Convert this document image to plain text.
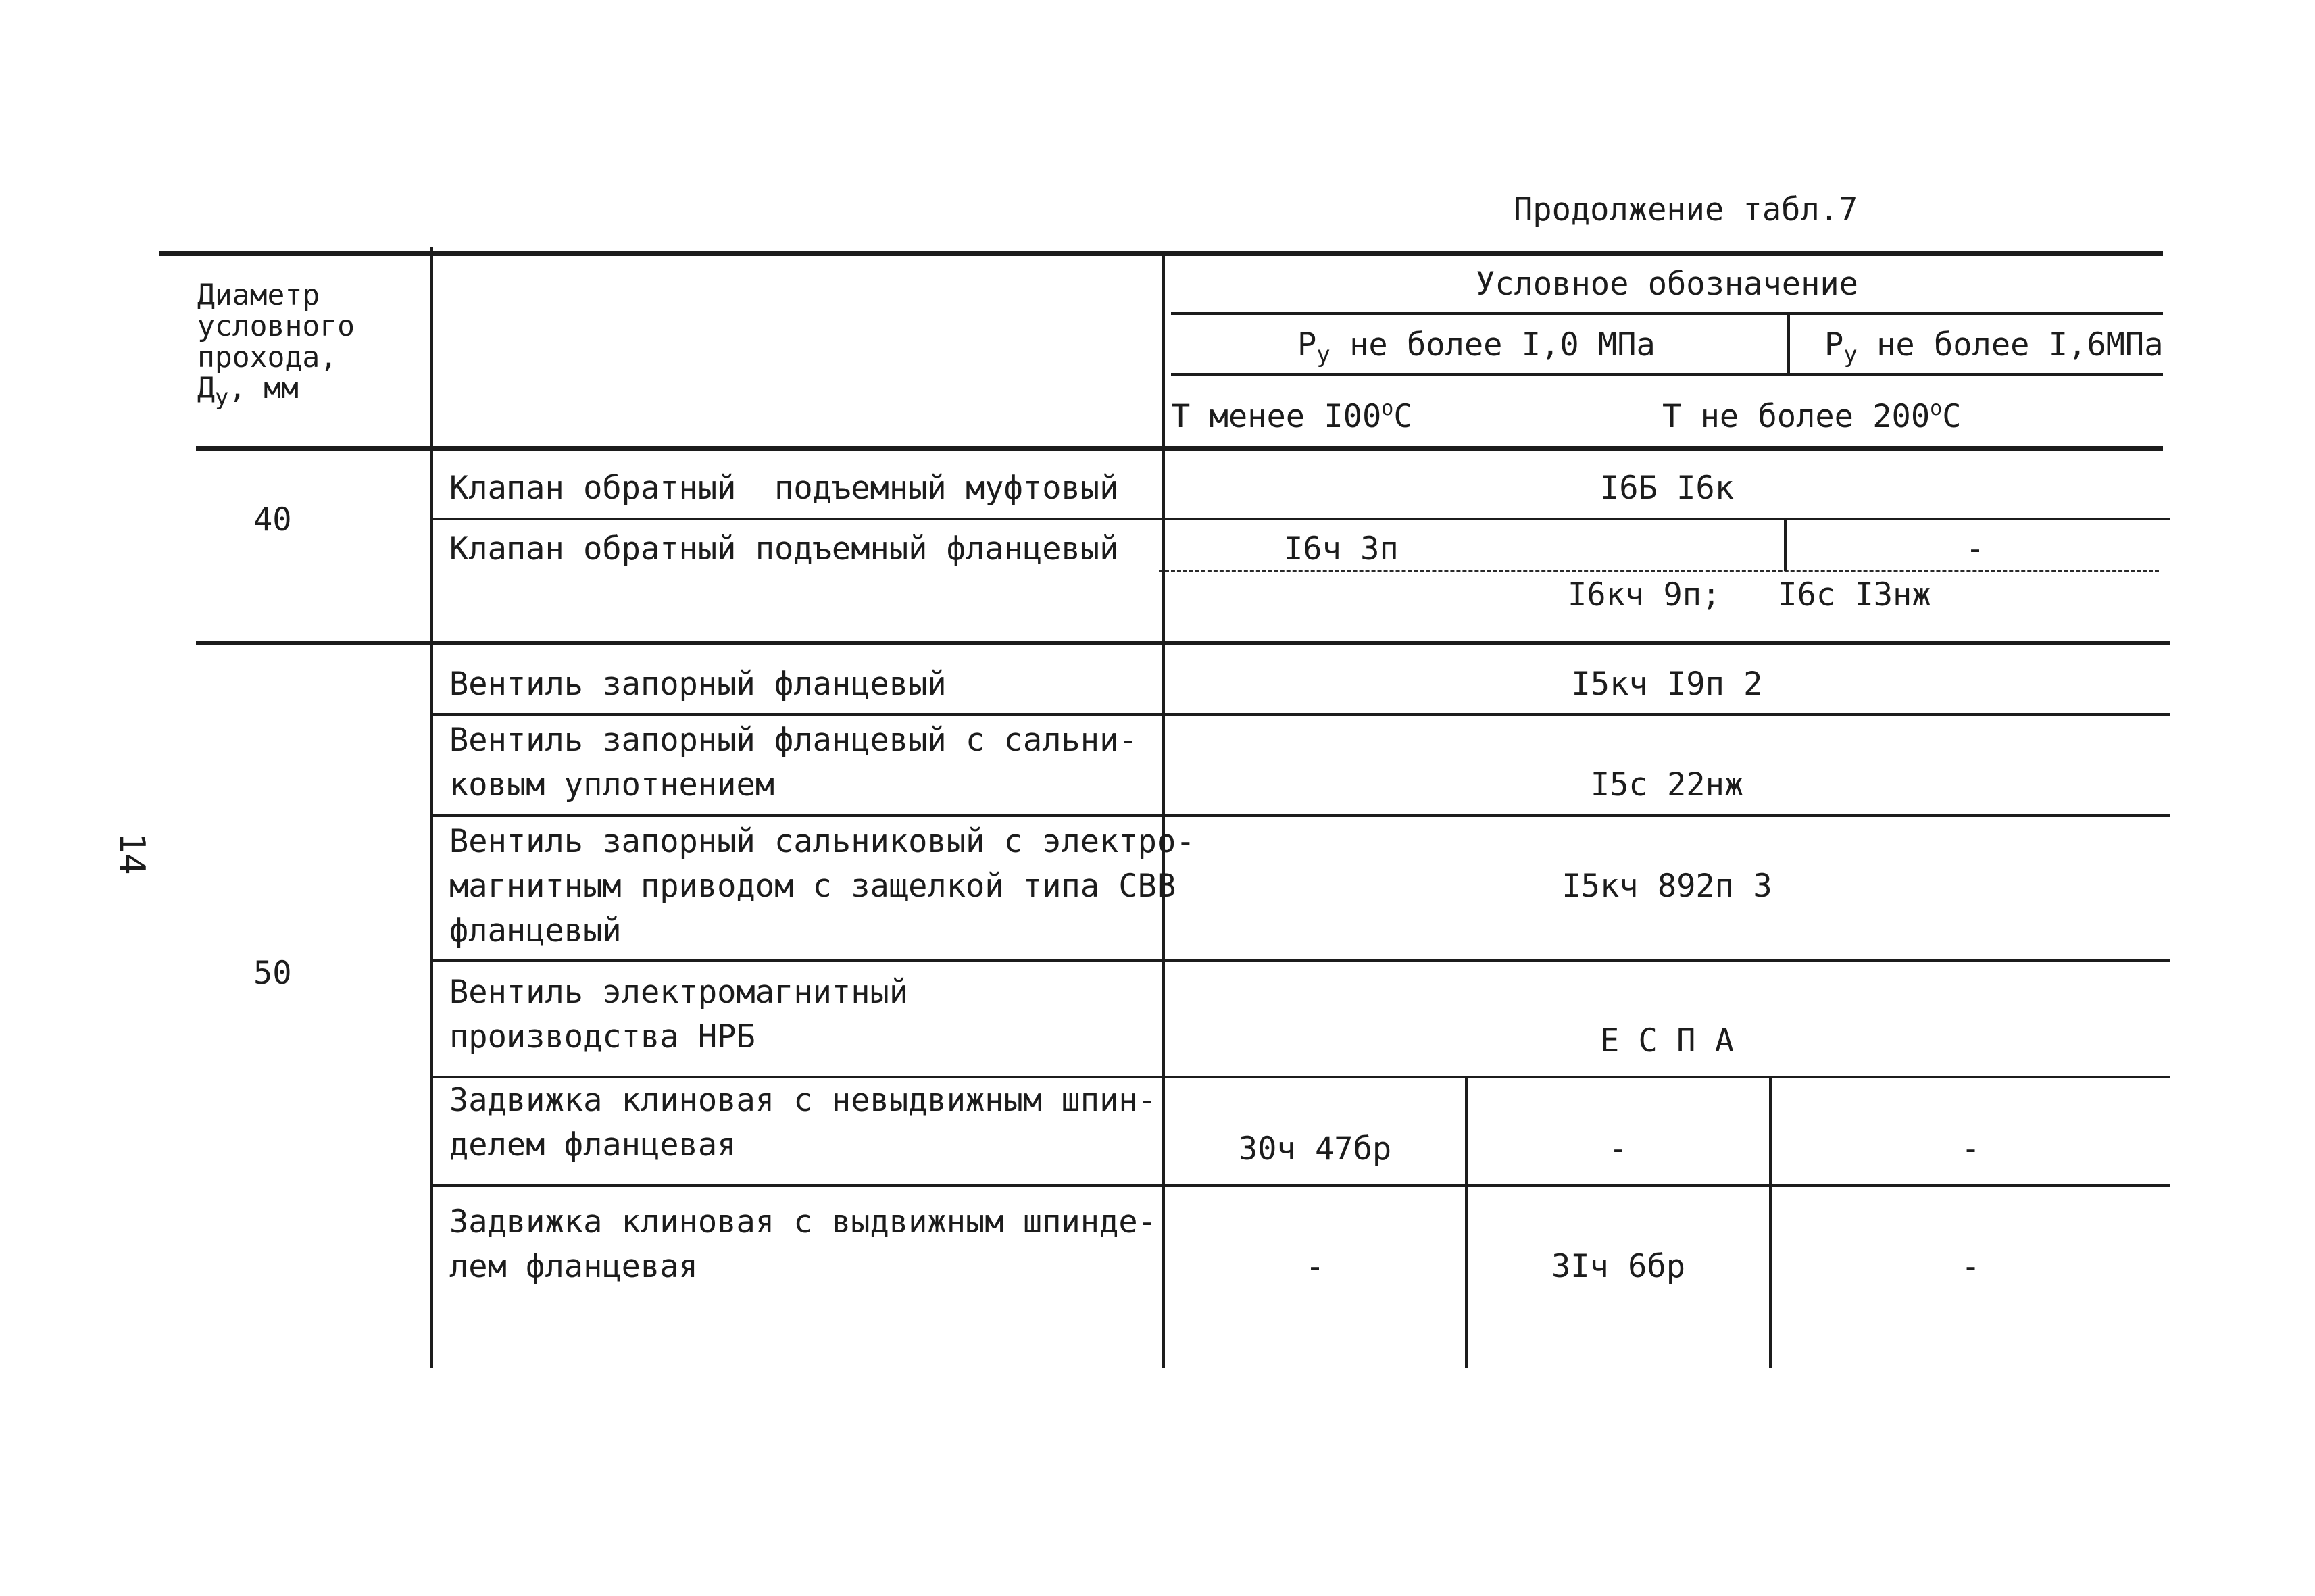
Продолжение табл.7
14
Диаметр
условного
прохода,
$Д_у$, мм
Условное обозначение
$Р_у$ не более I,0 МПа	$Р_у$ не более I,6МПа
Т менее $I00^оС$	Т не более $200^оС$
40
Клапан обратный  подъемный муфтовый	I6Б I6к
Клапан обратный подъемный фланцевый	I6ч 3п	-
I6кч 9п;   I6с I3нж
50
Вентиль запорный фланцевый	I5кч I9п 2
Вентиль запорный фланцевый с сальни-
ковым уплотнением	I5с 22нж
Вентиль запорный сальниковый с электро-
магнитным приводом с защелкой типа СВВ
фланцевый
I5кч 892п 3
Вентиль электромагнитный
производства НРБ	Е С П А
Задвижка клиновая с невыдвижным шпин-
делем фланцевая	30ч 47бр	-	-
Задвижка клиновая с выдвижным шпинде-
лем фланцевая	-	3Iч 6бр	-
